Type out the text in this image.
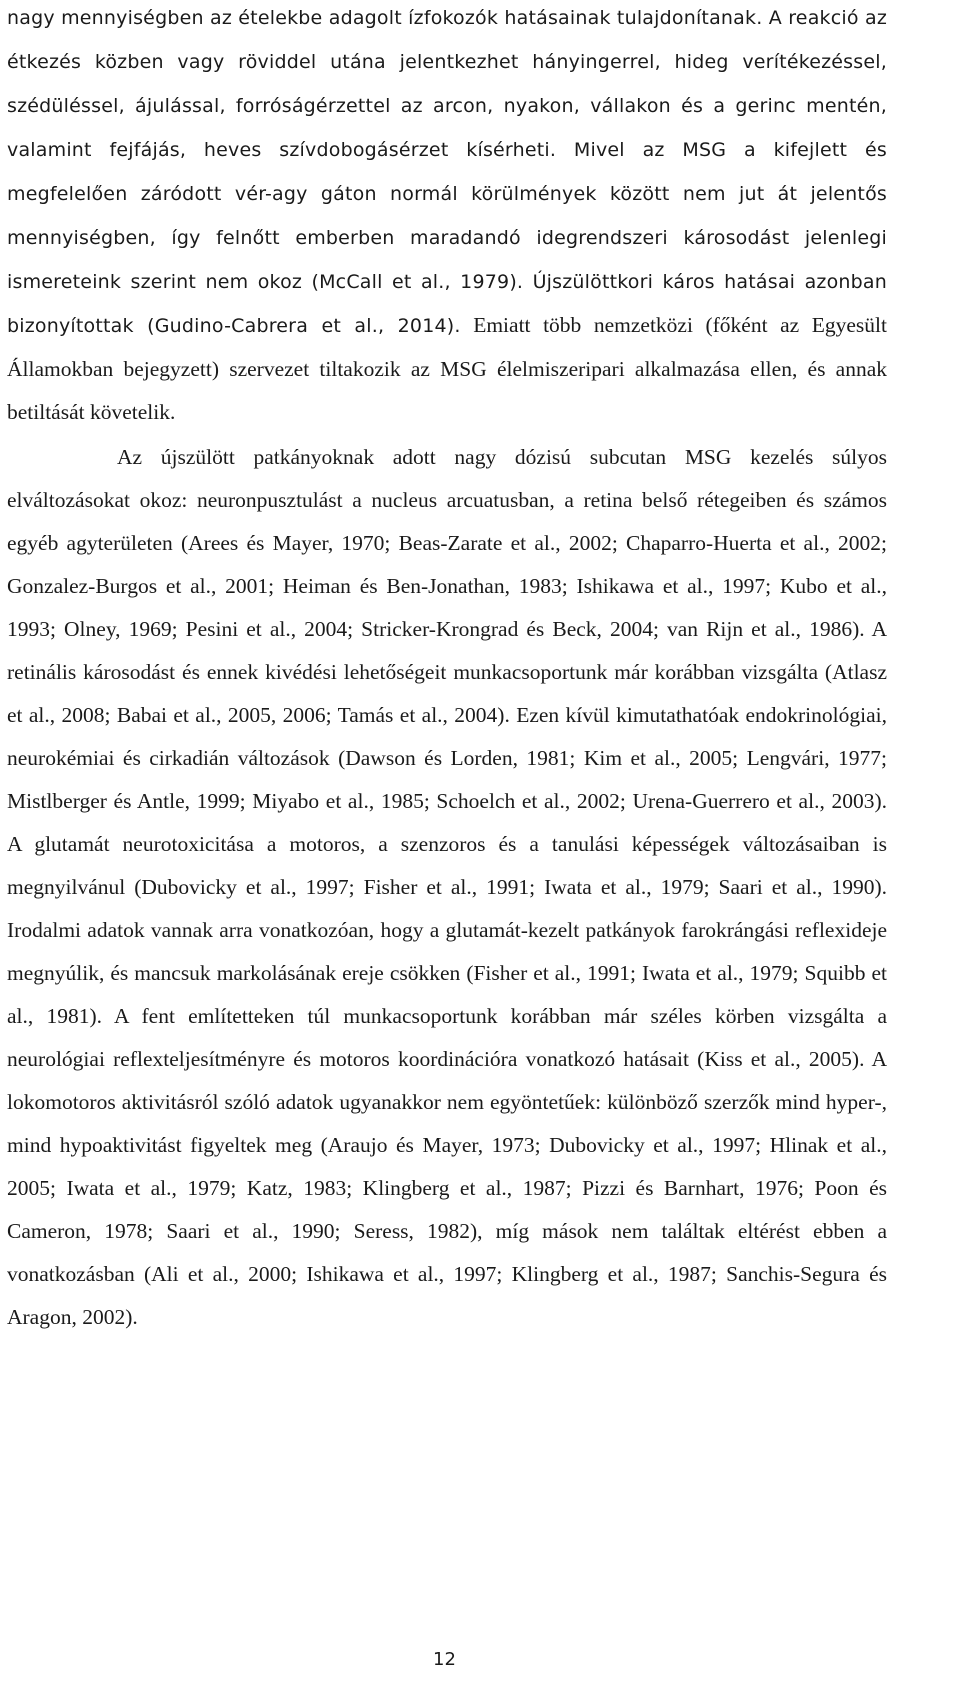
nagy mennyiségben az ételekbe adagolt ízfokozók hatásainak tulajdonítanak. A reakció az étkezés közben vagy röviddel utána jelentkezhet hányingerrel, hideg verítékezéssel, szédüléssel, ájulással, forróságérzettel az arcon, nyakon, vállakon és a gerinc mentén, valamint fejfájás, heves szívdobogásérzet kísérheti. Mivel az MSG a kifejlett és megfelelően záródott vér-agy gáton normál körülmények között nem jut át jelentős mennyiségben, így felnőtt emberben maradandó idegrendszeri károsodást jelenlegi ismereteink szerint nem okoz (McCall et al., 1979). Újszülöttkori káros hatásai azonban bizonyítottak (Gudino-Cabrera et al., 2014). Emiatt több nemzetközi (főként az Egyesült Államokban bejegyzett) szervezet tiltakozik az MSG élelmiszeripari alkalmazása ellen, és annak betiltását követelik.

Az újszülött patkányoknak adott nagy dózisú subcutan MSG kezelés súlyos elváltozásokat okoz: neuronpusztulást a nucleus arcuatusban, a retina belső rétegeiben és számos egyéb agyterületen (Arees és Mayer, 1970; Beas-Zarate et al., 2002; Chaparro-Huerta et al., 2002; Gonzalez-Burgos et al., 2001; Heiman és Ben-Jonathan, 1983; Ishikawa et al., 1997; Kubo et al., 1993; Olney, 1969; Pesini et al., 2004; Stricker-Krongrad és Beck, 2004; van Rijn et al., 1986). A retinális károsodást és ennek kivédési lehetőségeit munkacsoportunk már korábban vizsgálta (Atlasz et al., 2008; Babai et al., 2005, 2006; Tamás et al., 2004). Ezen kívül kimutathatóak endokrinológiai, neurokémiai és cirkadián változások (Dawson és Lorden, 1981; Kim et al., 2005; Lengvári, 1977; Mistlberger és Antle, 1999; Miyabo et al., 1985; Schoelch et al., 2002; Urena-Guerrero et al., 2003). A glutamát neurotoxicitása a motoros, a szenzoros és a tanulási képességek változásaiban is megnyilvánul (Dubovicky et al., 1997; Fisher et al., 1991; Iwata et al., 1979; Saari et al., 1990). Irodalmi adatok vannak arra vonatkozóan, hogy a glutamát-kezelt patkányok farokrángási reflexideje megnyúlik, és mancsuk markolásának ereje csökken (Fisher et al., 1991; Iwata et al., 1979; Squibb et al., 1981). A fent említetteken túl munkacsoportunk korábban már széles körben vizsgálta a neurológiai reflexteljesítményre és motoros koordinációra vonatkozó hatásait (Kiss et al., 2005). A lokomotoros aktivitásról szóló adatok ugyanakkor nem egyöntetűek: különböző szerzők mind hyper-, mind hypoaktivitást figyeltek meg (Araujo és Mayer, 1973; Dubovicky et al., 1997; Hlinak et al., 2005; Iwata et al., 1979; Katz, 1983; Klingberg et al., 1987; Pizzi és Barnhart, 1976; Poon és Cameron, 1978; Saari et al., 1990; Seress, 1982), míg mások nem találtak eltérést ebben a vonatkozásban (Ali et al., 2000; Ishikawa et al., 1997; Klingberg et al., 1987; Sanchis-Segura és Aragon, 2002).

12
